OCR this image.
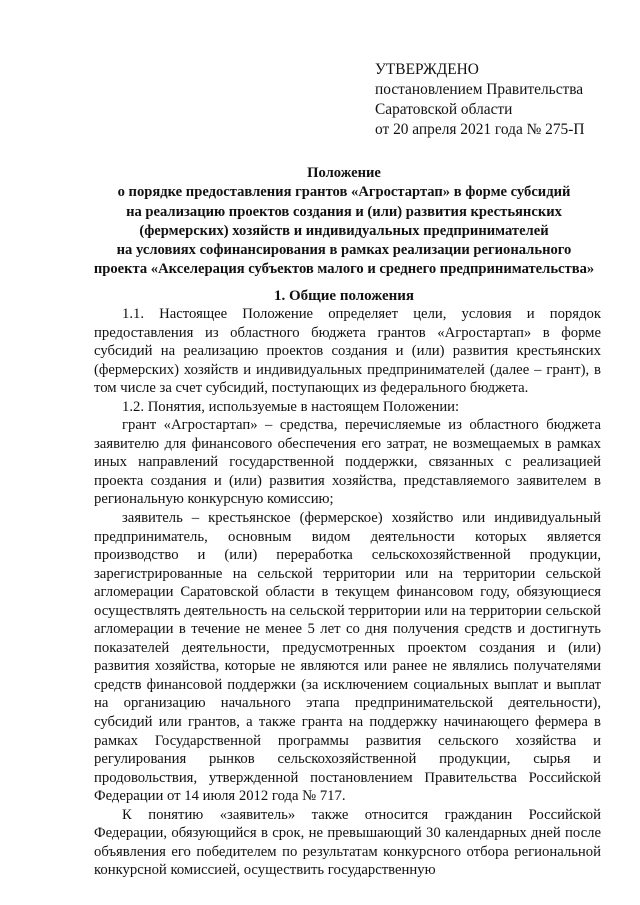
УТВЕРЖДЕНО
постановлением Правительства
Саратовской области
от 20 апреля 2021 года № 275-П
Положение
о порядке предоставления грантов «Агростартап» в форме субсидий
на реализацию проектов создания и (или) развития крестьянских
(фермерских) хозяйств и индивидуальных предпринимателей
на условиях софинансирования в рамках реализации регионального
проекта «Акселерация субъектов малого и среднего предпринимательства»
1. Общие положения

1.1. Настоящее Положение определяет цели, условия и порядок предоставления из областного бюджета грантов «Агростартап» в форме субсидий на реализацию проектов создания и (или) развития крестьянских (фермерских) хозяйств и индивидуальных предпринимателей (далее – грант), в том числе за счет субсидий, поступающих из федерального бюджета.

1.2. Понятия, используемые в настоящем Положении:

грант «Агростартап» – средства, перечисляемые из областного бюджета заявителю для финансового обеспечения его затрат, не возмещаемых в рамках иных направлений государственной поддержки, связанных с реализацией проекта создания и (или) развития хозяйства, представляемого заявителем в региональную конкурсную комиссию;

заявитель – крестьянское (фермерское) хозяйство или индивидуальный предприниматель, основным видом деятельности которых является производство и (или) переработка сельскохозяйственной продукции, зарегистрированные на сельской территории или на территории сельской агломерации Саратовской области в текущем финансовом году, обязующиеся осуществлять деятельность на сельской территории или на территории сельской агломерации в течение не менее 5 лет со дня получения средств и достигнуть показателей деятельности, предусмотренных проектом создания и (или) развития хозяйства, которые не являются или ранее не являлись получателями средств финансовой поддержки (за исключением социальных выплат и выплат на организацию начального этапа предпринимательской деятельности), субсидий или грантов, а также гранта на поддержку начинающего фермера в рамках Государственной программы развития сельского хозяйства и регулирования рынков сельскохозяйственной продукции, сырья и продовольствия, утвержденной постановлением Правительства Российской Федерации от 14 июля 2012 года № 717.

К понятию «заявитель» также относится гражданин Российской Федерации, обязующийся в срок, не превышающий 30 календарных дней после объявления его победителем по результатам конкурсного отбора региональной конкурсной комиссией, осуществить государственную
